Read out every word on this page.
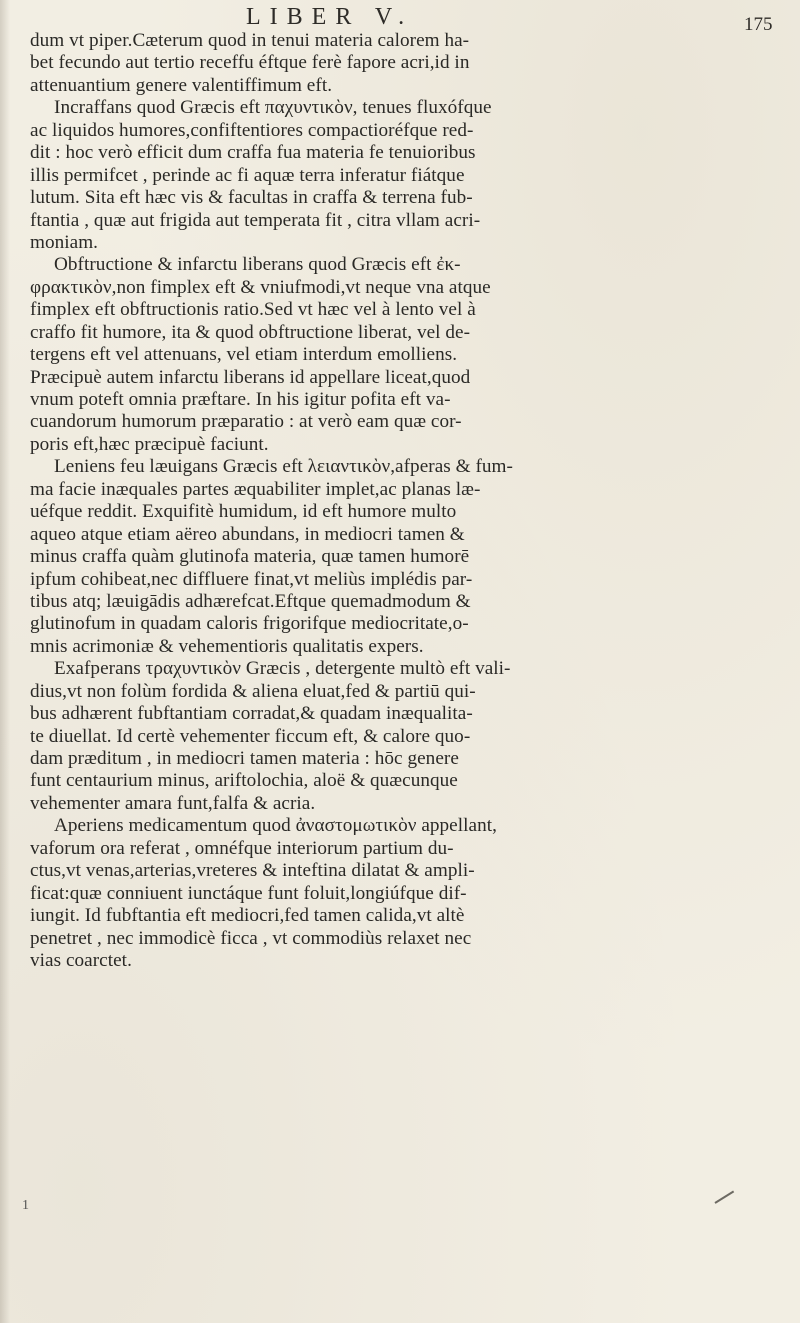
LIBER V.	175
dum vt piper.Cæterum quod in tenui materia calorem ha-
bet fecundo aut tertio receffu éftque ferè fapore acri,id in
attenuantium genere valentiffimum eft.
Incraffans quod Græcis eft παχυντικὸν, tenues fluxófque
ac liquidos humores,confiftentiores compactioréfque red-
dit : hoc verò efficit dum craffa fua materia fe tenuioribus
illis permifcet , perinde ac fi aquæ terra inferatur fiátque
lutum. Sita eft hæc vis & facultas in craffa & terrena fub-
ftantia , quæ aut frigida aut temperata fit , citra vllam acri-
moniam.
Obftructione & infarctu liberans quod Græcis eft ἐκ-
φρακτικὸν,non fimplex eft & vniufmodi,vt neque vna atque
fimplex eft obftructionis ratio.Sed vt hæc vel à lento vel à
craffo fit humore, ita & quod obftructione liberat, vel de-
tergens eft vel attenuans, vel etiam interdum emolliens.
Præcipuè autem infarctu liberans id appellare liceat,quod
vnum poteft omnia præftare. In his igitur pofita eft va-
cuandorum humorum præparatio : at verò eam quæ cor-
poris eft,hæc præcipuè faciunt.
Leniens feu læuigans Græcis eft λειαντικὸν,afperas & fum-
ma facie inæquales partes æquabiliter implet,ac planas læ-
uéfque reddit. Exquifitè humidum, id eft humore multo
aqueo atque etiam aëreo abundans, in mediocri tamen &
minus craffa quàm glutinofa materia, quæ tamen humorē
ipfum cohibeat,nec diffluere finat,vt meliùs implédis par-
tibus atq; læuigādis adhærefcat.Eftque quemadmodum &
glutinofum in quadam caloris frigorifque mediocritate,o-
mnis acrimoniæ & vehementioris qualitatis expers.
Exafperans τραχυντικὸν Græcis , detergente multò eft vali-
dius,vt non folùm fordida & aliena eluat,fed & partiū qui-
bus adhærent fubftantiam corradat,& quadam inæqualita-
te diuellat. Id certè vehementer ficcum eft, & calore quo-
dam præditum , in mediocri tamen materia : hōc genere
funt centaurium minus, ariftolochia, aloë & quæcunque
vehementer amara funt,falfa & acria.
Aperiens medicamentum quod ἀναστομωτικὸν appellant,
vaforum ora referat , omnéfque interiorum partium du-
ctus,vt venas,arterias,vreteres & inteftina dilatat & ampli-
ficat:quæ conniuent iunctáque funt foluit,longiúfque dif-
iungit. Id fubftantia eft mediocri,fed tamen calida,vt altè
penetret , nec immodicè ficca , vt commodiùs relaxet nec
vias coarctet.
1
